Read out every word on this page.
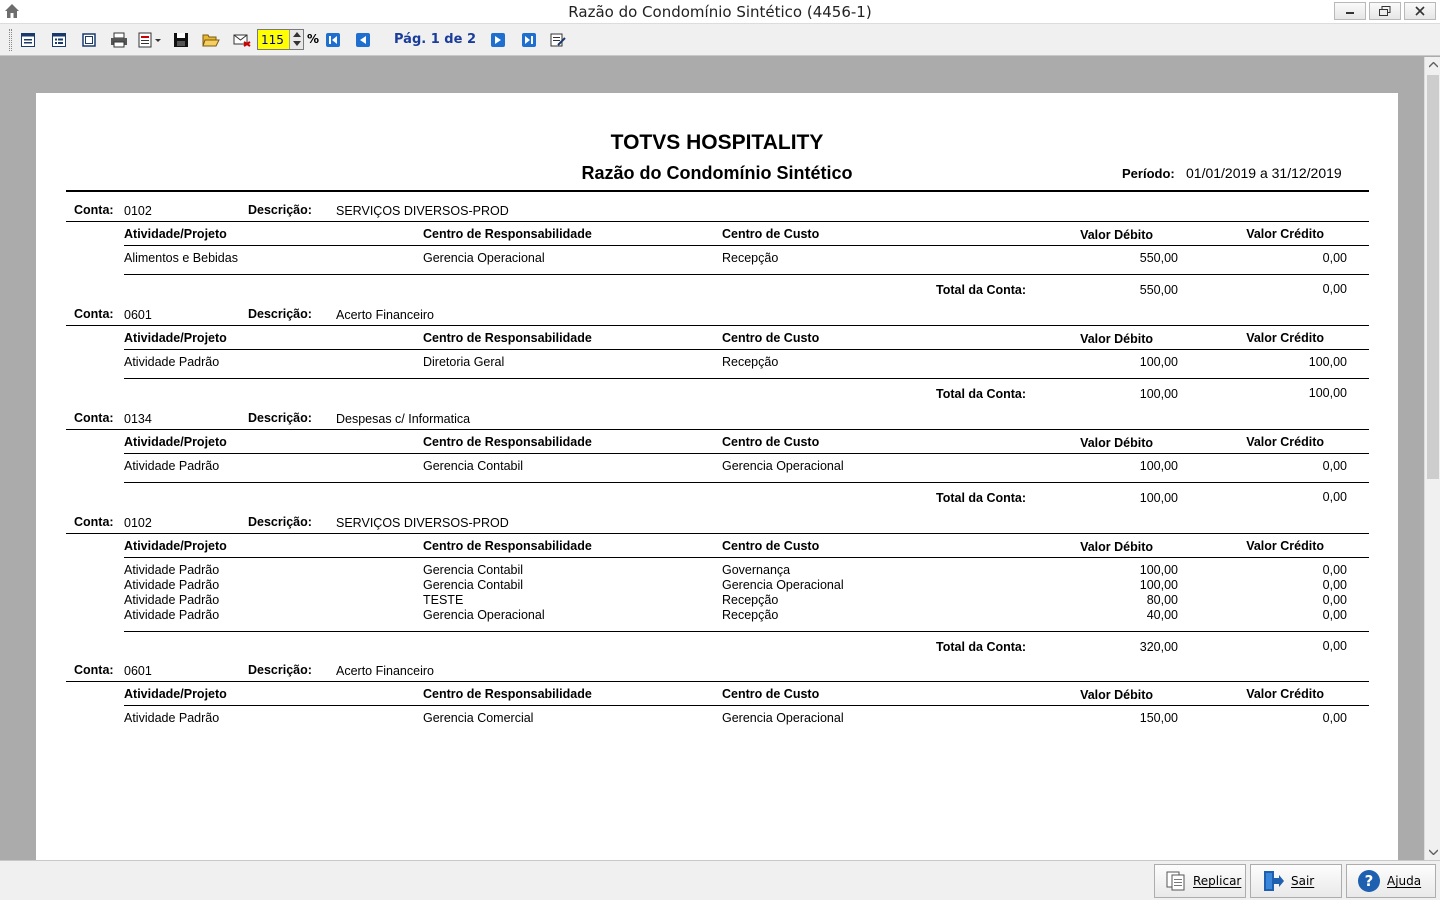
Razão do Condomínio Sintético (4456-1)
115
%	Pág. 1 de 2
TOTVS HOSPITALITY
Razão do Condomínio Sintético	Período: 01/01/2019 a 31/12/2019
Conta: 0102	Descrição: SERVIÇOS DIVERSOS-PROD
Atividade/Projeto	Centro de Responsabilidade	Centro de Custo	Valor Débito	Valor Crédito
Alimentos e Bebidas	Gerencia Operacional	Recepção	550,00	0,00
Total da Conta:	550,00	0,00
Conta: 0601	Descrição: Acerto Financeiro
Atividade/Projeto	Centro de Responsabilidade	Centro de Custo	Valor Débito	Valor Crédito
Atividade Padrão	Diretoria Geral	Recepção	100,00	100,00
Total da Conta:	100,00	100,00
Conta: 0134	Descrição: Despesas c/ Informatica
Atividade/Projeto	Centro de Responsabilidade	Centro de Custo	Valor Débito	Valor Crédito
Atividade Padrão	Gerencia Contabil	Gerencia Operacional	100,00	0,00
Total da Conta:	100,00	0,00
Conta: 0102	Descrição: SERVIÇOS DIVERSOS-PROD
Atividade/Projeto	Centro de Responsabilidade	Centro de Custo	Valor Débito	Valor Crédito
Atividade Padrão	Gerencia Contabil	Governança	100,00	0,00
Atividade Padrão	Gerencia Contabil	Gerencia Operacional	100,00	0,00
Atividade Padrão	TESTE	Recepção	80,00	0,00
Atividade Padrão	Gerencia Operacional	Recepção	40,00	0,00
Total da Conta:	320,00	0,00
Conta: 0601	Descrição: Acerto Financeiro
Atividade/Projeto	Centro de Responsabilidade	Centro de Custo	Valor Débito	Valor Crédito
Atividade Padrão	Gerencia Comercial	Gerencia Operacional	150,00	0,00
Replicar	Sair	? Ajuda
